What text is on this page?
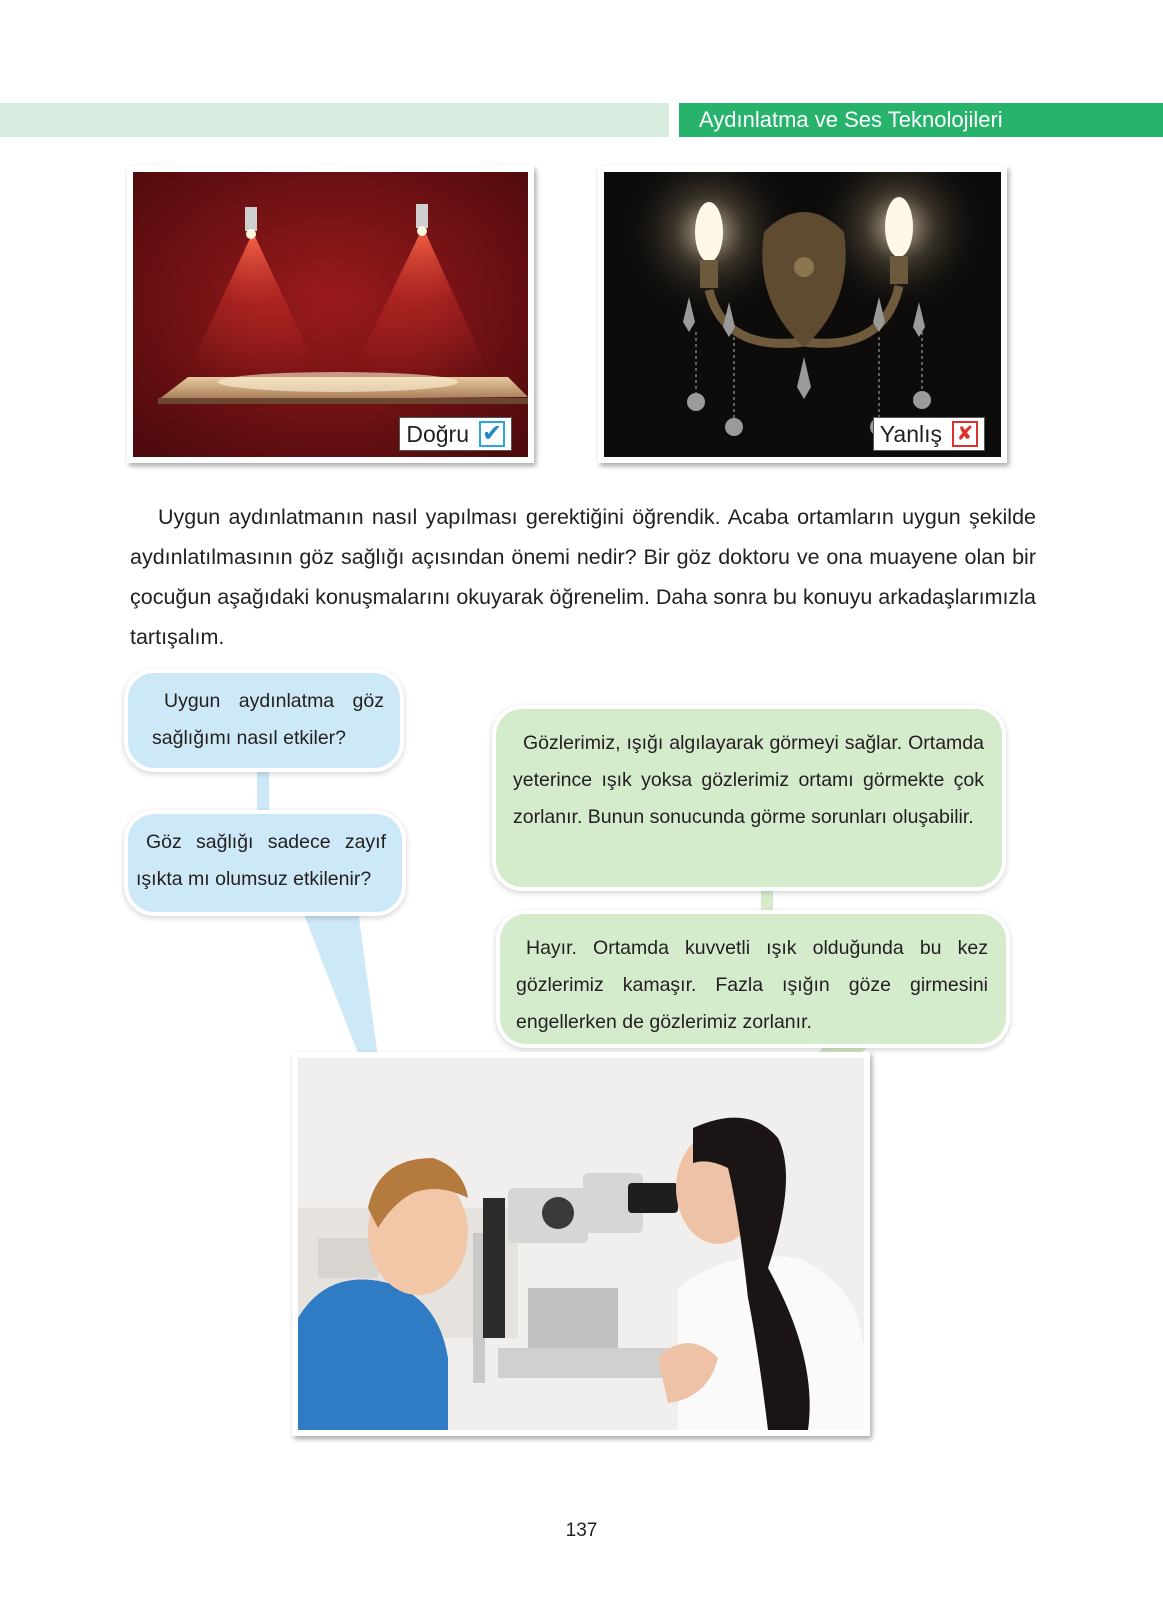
Aydınlatma ve Ses Teknolojileri
Doğru ✔	Yanlış ✘

Uygun aydınlatmanın nasıl yapılması gerektiğini öğrendik. Acaba ortamların uygun şekilde aydınlatılmasının göz sağlığı açısından önemi nedir? Bir göz doktoru ve ona muayene olan bir çocuğun aşağıdaki konuşmalarını okuyarak öğrenelim. Daha sonra bu konuyu arkadaşlarımızla tartışalım.

Uygun aydınlatma göz sağlığımı nasıl etkiler?

Göz sağlığı sadece zayıf ışıkta mı olumsuz etkilenir?

Gözlerimiz, ışığı algılayarak görmeyi sağlar. Ortamda yeterince ışık yoksa gözlerimiz ortamı görmekte çok zorlanır. Bunun sonucunda görme sorunları oluşabilir.

Hayır. Ortamda kuvvetli ışık olduğunda bu kez gözlerimiz kamaşır. Fazla ışığın göze girmesini engellerken de gözlerimiz zorlanır.

137
